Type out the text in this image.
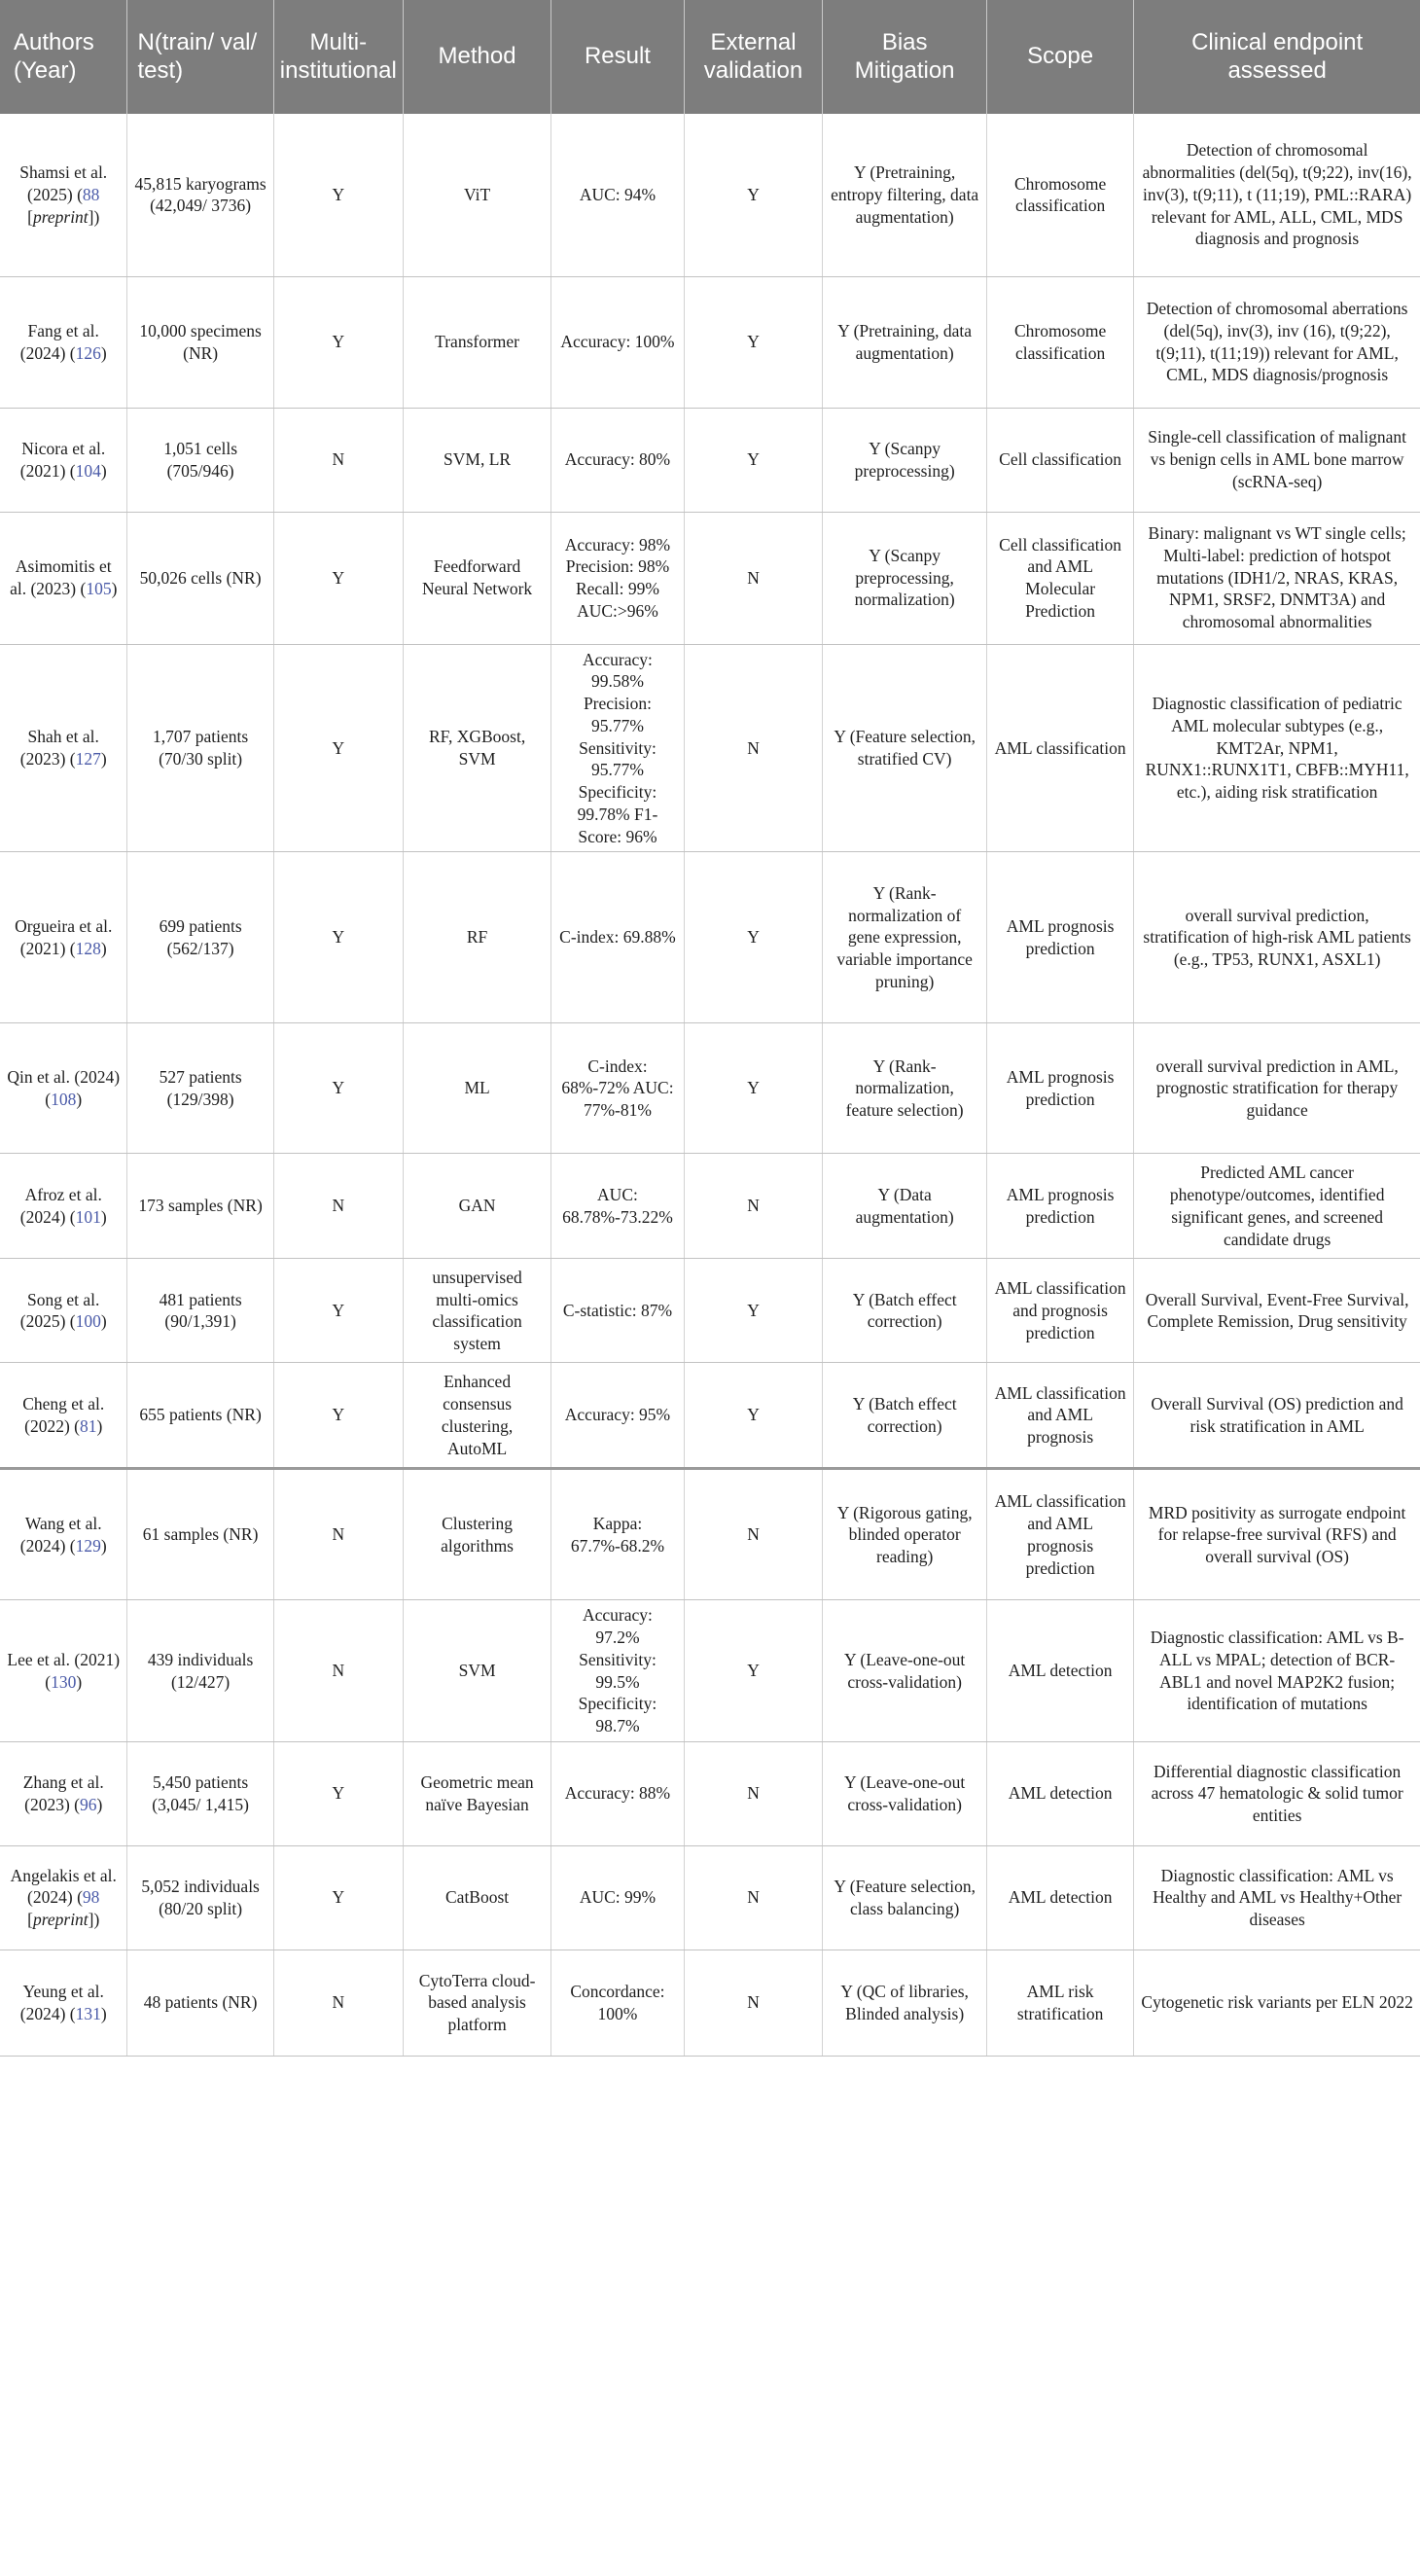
Authors (Year)	N(train/ val/ test)	Multi-institutional	Method	Result	External validation	Bias Mitigation	Scope	Clinical endpoint assessed
Shamsi et al. (2025) (88 [preprint])	45,815 karyograms (42,049/ 3736)	Y	ViT	AUC: 94%	Y	Y (Pretraining, entropy filtering, data augmentation)	Chromosome classification	Detection of chromosomal abnormalities (del(5q), t(9;22), inv(16), inv(3), t(9;11), t (11;19), PML::RARA) relevant for AML, ALL, CML, MDS diagnosis and prognosis
Fang et al. (2024) (126)	10,000 specimens (NR)	Y	Transformer	Accuracy: 100%	Y	Y (Pretraining, data augmentation)	Chromosome classification	Detection of chromosomal aberrations (del(5q), inv(3), inv (16), t(9;22), t(9;11), t(11;19)) relevant for AML, CML, MDS diagnosis/prognosis
Nicora et al. (2021) (104)	1,051 cells (705/946)	N	SVM, LR	Accuracy: 80%	Y	Y (Scanpy preprocessing)	Cell classification	Single-cell classification of malignant vs benign cells in AML bone marrow (scRNA-seq)
Asimomitis et al. (2023) (105)	50,026 cells (NR)	Y	Feedforward Neural Network	Accuracy: 98% Precision: 98% Recall: 99% AUC:>96%	N	Y (Scanpy preprocessing, normalization)	Cell classification and AML Molecular Prediction	Binary: malignant vs WT single cells; Multi-label: prediction of hotspot mutations (IDH1/2, NRAS, KRAS, NPM1, SRSF2, DNMT3A) and chromosomal abnormalities
Shah et al. (2023) (127)	1,707 patients (70/30 split)	Y	RF, XGBoost, SVM	Accuracy: 99.58% Precision: 95.77% Sensitivity: 95.77% Specificity: 99.78% F1-Score: 96%	N	Y (Feature selection, stratified CV)	AML classification	Diagnostic classification of pediatric AML molecular subtypes (e.g., KMT2Ar, NPM1, RUNX1::RUNX1T1, CBFB::MYH11, etc.), aiding risk stratification
Orgueira et al. (2021) (128)	699 patients (562/137)	Y	RF	C-index: 69.88%	Y	Y (Rank-normalization of gene expression, variable importance pruning)	AML prognosis prediction	overall survival prediction, stratification of high-risk AML patients (e.g., TP53, RUNX1, ASXL1)
Qin et al. (2024) (108)	527 patients (129/398)	Y	ML	C-index: 68%-72% AUC: 77%-81%	Y	Y (Rank-normalization, feature selection)	AML prognosis prediction	overall survival prediction in AML, prognostic stratification for therapy guidance
Afroz et al. (2024) (101)	173 samples (NR)	N	GAN	AUC: 68.78%-73.22%	N	Y (Data augmentation)	AML prognosis prediction	Predicted AML cancer phenotype/outcomes, identified significant genes, and screened candidate drugs
Song et al. (2025) (100)	481 patients (90/1,391)	Y	unsupervised multi-omics classification system	C-statistic: 87%	Y	Y (Batch effect correction)	AML classification and prognosis prediction	Overall Survival, Event-Free Survival, Complete Remission, Drug sensitivity
Cheng et al. (2022) (81)	655 patients (NR)	Y	Enhanced consensus clustering, AutoML	Accuracy: 95%	Y	Y (Batch effect correction)	AML classification and AML prognosis	Overall Survival (OS) prediction and risk stratification in AML
Wang et al. (2024) (129)	61 samples (NR)	N	Clustering algorithms	Kappa: 67.7%-68.2%	N	Y (Rigorous gating, blinded operator reading)	AML classification and AML prognosis prediction	MRD positivity as surrogate endpoint for relapse-free survival (RFS) and overall survival (OS)
Lee et al. (2021) (130)	439 individuals (12/427)	N	SVM	Accuracy: 97.2% Sensitivity: 99.5% Specificity: 98.7%	Y	Y (Leave-one-out cross-validation)	AML detection	Diagnostic classification: AML vs B-ALL vs MPAL; detection of BCR-ABL1 and novel MAP2K2 fusion; identification of mutations
Zhang et al. (2023) (96)	5,450 patients (3,045/ 1,415)	Y	Geometric mean naïve Bayesian	Accuracy: 88%	N	Y (Leave-one-out cross-validation)	AML detection	Differential diagnostic classification across 47 hematologic & solid tumor entities
Angelakis et al. (2024) (98 [preprint])	5,052 individuals (80/20 split)	Y	CatBoost	AUC: 99%	N	Y (Feature selection, class balancing)	AML detection	Diagnostic classification: AML vs Healthy and AML vs Healthy+Other diseases
Yeung et al. (2024) (131)	48 patients (NR)	N	CytoTerra cloud-based analysis platform	Concordance: 100%	N	Y (QC of libraries, Blinded analysis)	AML risk stratification	Cytogenetic risk variants per ELN 2022
